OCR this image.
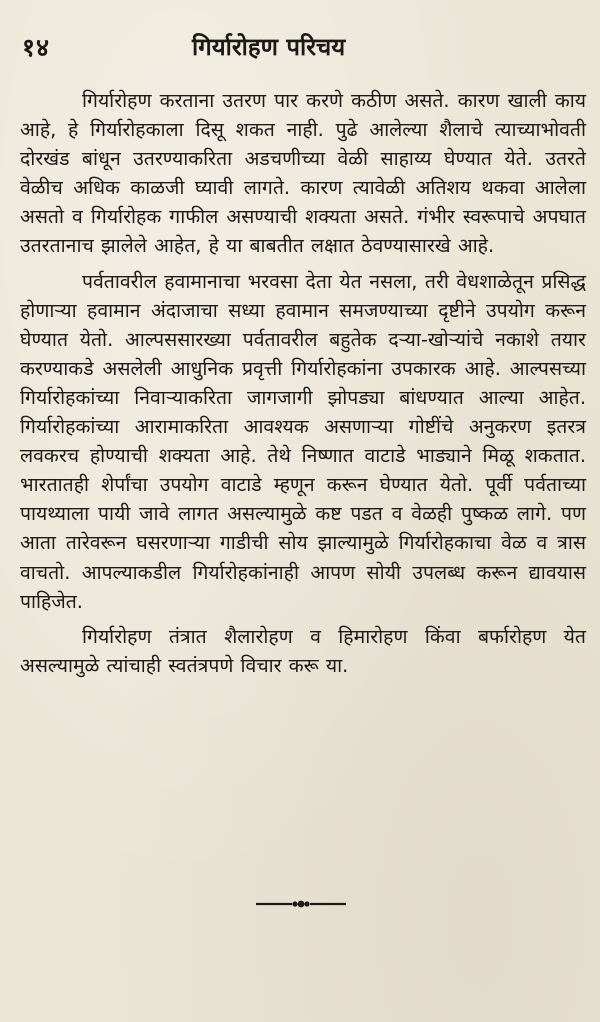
१४	गिर्यारोहण परिचय

गिर्यारोहण करताना उतरण पार करणे कठीण असते. कारण खाली काय आहे, हे गिर्यारोहकाला दिसू शकत नाही. पुढे आलेल्या शैलाचे त्याच्याभोवती दोरखंड बांधून उतरण्याकरिता अडचणीच्या वेळी साहाय्य घेण्यात येते. उतरते वेळीच अधिक काळजी घ्यावी लागते. कारण त्यावेळी अतिशय थकवा आलेला असतो व गिर्यारोहक गाफील असण्याची शक्यता असते. गंभीर स्वरूपाचे अपघात उतरतानाच झालेले आहेत, हे या बाबतीत लक्षात ठेवण्यासारखे आहे.

पर्वतावरील हवामानाचा भरवसा देता येत नसला, तरी वेधशाळेतून प्रसिद्ध होणाऱ्या हवामान अंदाजाचा सध्या हवामान समजण्याच्या दृष्टीने उपयोग करून घेण्यात येतो. आल्पससारख्या पर्वतावरील बहुतेक दऱ्या-खोऱ्यांचे नकाशे तयार करण्याकडे असलेली आधुनिक प्रवृत्ती गिर्यारोहकांना उपकारक आहे. आल्पसच्या गिर्यारोहकांच्या निवाऱ्याकरिता जागजागी झोपड्या बांधण्यात आल्या आहेत. गिर्यारोहकांच्या आरामाकरिता आवश्यक असणाऱ्या गोष्टींचे अनुकरण इतरत्र लवकरच होण्याची शक्यता आहे. तेथे निष्णात वाटाडे भाड्याने मिळू शकतात. भारतातही शेर्पांचा उपयोग वाटाडे म्हणून करून घेण्यात येतो. पूर्वी पर्वताच्या पायथ्याला पायी जावे लागत असल्यामुळे कष्ट पडत व वेळही पुष्कळ लागे. पण आता तारेवरून घसरणाऱ्या गाडीची सोय झाल्यामुळे गिर्यारोहकाचा वेळ व त्रास वाचतो. आपल्याकडील गिर्यारोहकांनाही आपण सोयी उपलब्ध करून द्यावयास पाहिजेत.

गिर्यारोहण तंत्रात शैलारोहण व हिमारोहण किंवा बर्फारोहण येत असल्यामुळे त्यांचाही स्वतंत्रपणे विचार करू या.
